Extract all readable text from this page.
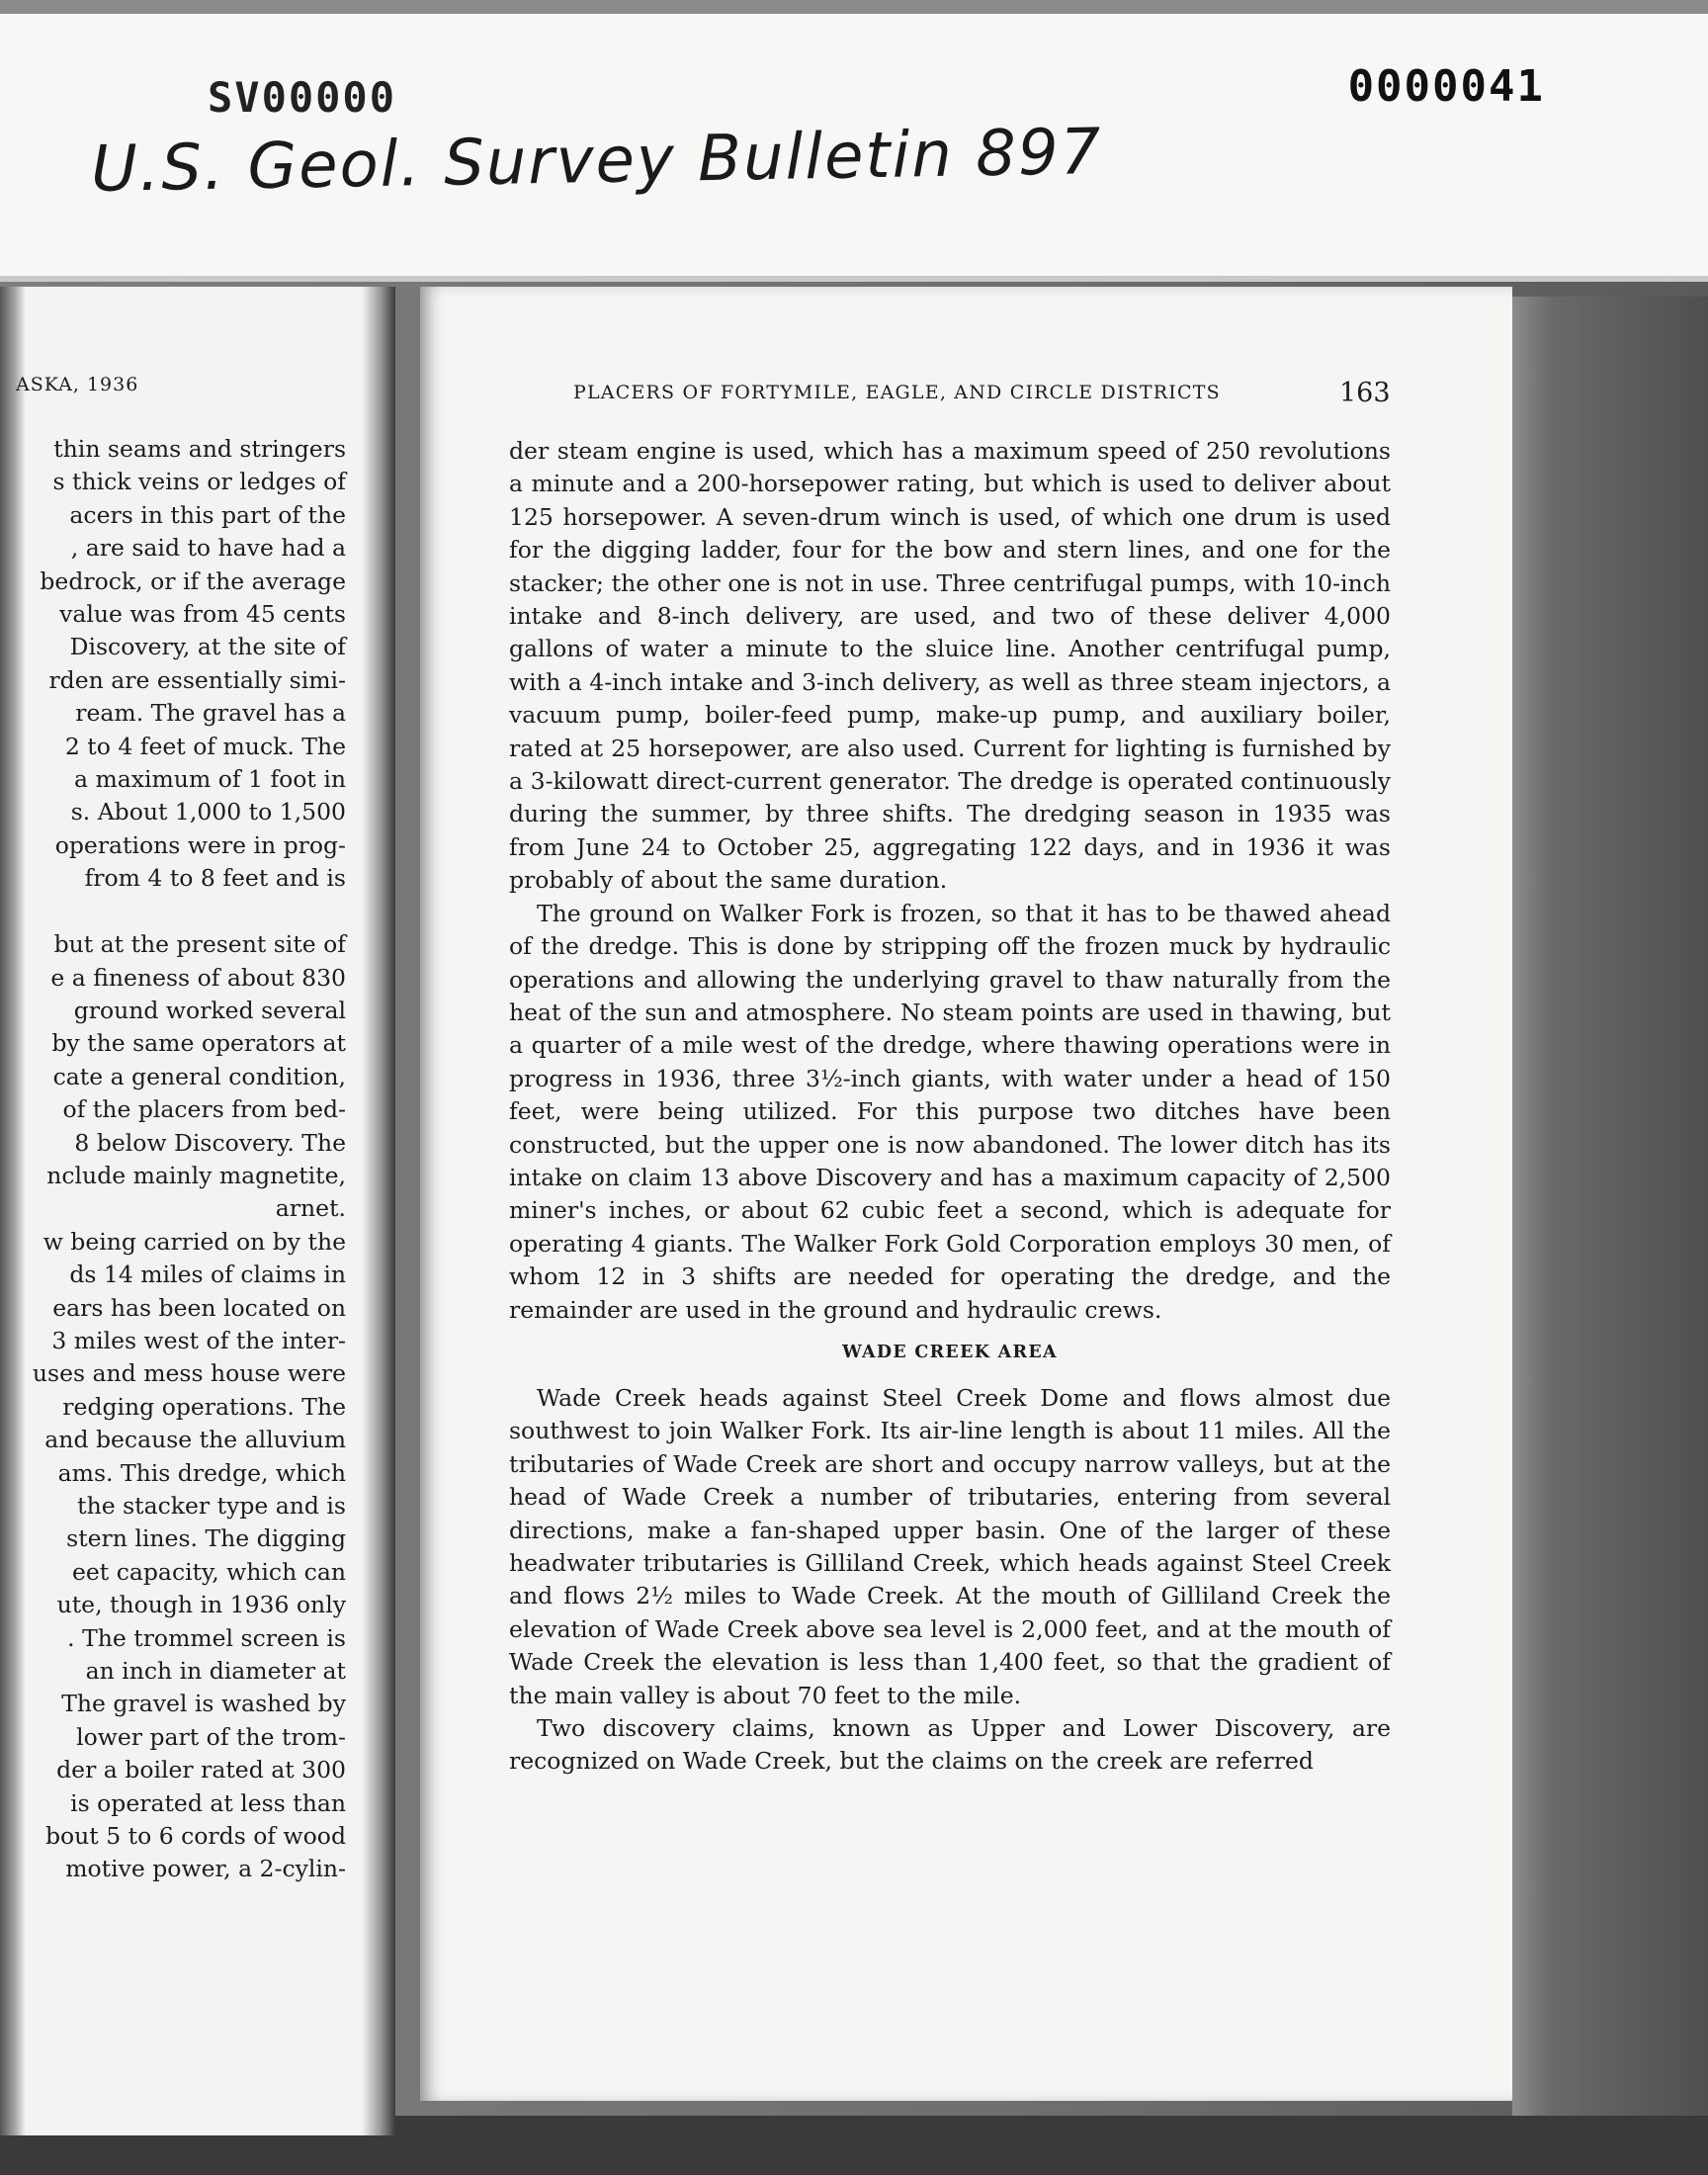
SV00000	0000041
U.S. Geol. Survey Bulletin 897
ASKA, 1936
thin seams and stringers
s thick veins or ledges of
acers in this part of the
, are said to have had a
bedrock, or if the average
value was from 45 cents
Discovery, at the site of
rden are essentially simi-
ream. The gravel has a
2 to 4 feet of muck. The
a maximum of 1 foot in
s. About 1,000 to 1,500
operations were in prog-
from 4 to 8 feet and is

but at the present site of
e a fineness of about 830
ground worked several
by the same operators at
cate a general condition,
of the placers from bed-
8 below Discovery. The
nclude mainly magnetite,
arnet.
w being carried on by the
ds 14 miles of claims in
ears has been located on
3 miles west of the inter-
uses and mess house were
redging operations. The
and because the alluvium
ams. This dredge, which
the stacker type and is
stern lines. The digging
eet capacity, which can
ute, though in 1936 only
. The trommel screen is
an inch in diameter at
The gravel is washed by
lower part of the trom-
der a boiler rated at 300
is operated at less than
bout 5 to 6 cords of wood
motive power, a 2-cylin-
PLACERS OF FORTYMILE, EAGLE, AND CIRCLE DISTRICTS	163

der steam engine is used, which has a maximum speed of 250 revolutions a minute and a 200-horsepower rating, but which is used to deliver about 125 horsepower. A seven-drum winch is used, of which one drum is used for the digging ladder, four for the bow and stern lines, and one for the stacker; the other one is not in use. Three centrifugal pumps, with 10-inch intake and 8-inch delivery, are used, and two of these deliver 4,000 gallons of water a minute to the sluice line. Another centrifugal pump, with a 4-inch intake and 3-inch delivery, as well as three steam injectors, a vacuum pump, boiler-feed pump, make-up pump, and auxiliary boiler, rated at 25 horsepower, are also used. Current for lighting is furnished by a 3-kilowatt direct-current generator. The dredge is operated continuously during the summer, by three shifts. The dredging season in 1935 was from June 24 to October 25, aggregating 122 days, and in 1936 it was probably of about the same duration.

The ground on Walker Fork is frozen, so that it has to be thawed ahead of the dredge. This is done by stripping off the frozen muck by hydraulic operations and allowing the underlying gravel to thaw naturally from the heat of the sun and atmosphere. No steam points are used in thawing, but a quarter of a mile west of the dredge, where thawing operations were in progress in 1936, three 3½-inch giants, with water under a head of 150 feet, were being utilized. For this purpose two ditches have been constructed, but the upper one is now abandoned. The lower ditch has its intake on claim 13 above Discovery and has a maximum capacity of 2,500 miner's inches, or about 62 cubic feet a second, which is adequate for operating 4 giants. The Walker Fork Gold Corporation employs 30 men, of whom 12 in 3 shifts are needed for operating the dredge, and the remainder are used in the ground and hydraulic crews.

WADE CREEK AREA

Wade Creek heads against Steel Creek Dome and flows almost due southwest to join Walker Fork. Its air-line length is about 11 miles. All the tributaries of Wade Creek are short and occupy narrow valleys, but at the head of Wade Creek a number of tributaries, entering from several directions, make a fan-shaped upper basin. One of the larger of these headwater tributaries is Gilliland Creek, which heads against Steel Creek and flows 2½ miles to Wade Creek. At the mouth of Gilliland Creek the elevation of Wade Creek above sea level is 2,000 feet, and at the mouth of Wade Creek the elevation is less than 1,400 feet, so that the gradient of the main valley is about 70 feet to the mile.

Two discovery claims, known as Upper and Lower Discovery, are recognized on Wade Creek, but the claims on the creek are referred
